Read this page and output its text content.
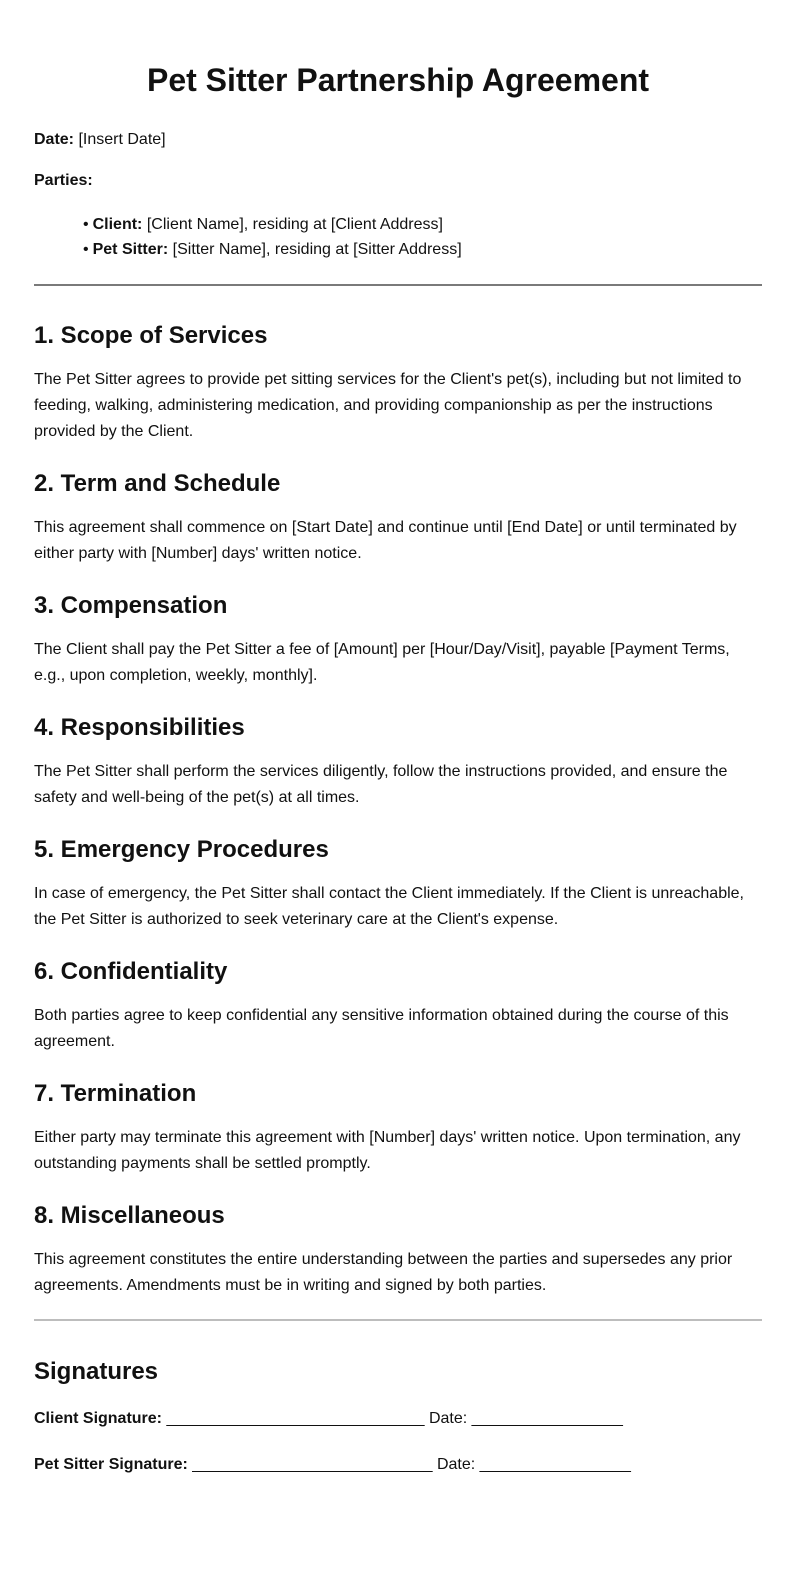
Pet Sitter Partnership Agreement

Date: [Insert Date]

Parties:

• Client: [Client Name], residing at [Client Address]
• Pet Sitter: [Sitter Name], residing at [Sitter Address]
1. Scope of Services

The Pet Sitter agrees to provide pet sitting services for the Client's pet(s), including but not limited to feeding, walking, administering medication, and providing companionship as per the instructions provided by the Client.

2. Term and Schedule

This agreement shall commence on [Start Date] and continue until [End Date] or until terminated by either party with [Number] days' written notice.

3. Compensation

The Client shall pay the Pet Sitter a fee of [Amount] per [Hour/Day/Visit], payable [Payment Terms, e.g., upon completion, weekly, monthly].

4. Responsibilities

The Pet Sitter shall perform the services diligently, follow the instructions provided, and ensure the safety and well-being of the pet(s) at all times.

5. Emergency Procedures

In case of emergency, the Pet Sitter shall contact the Client immediately. If the Client is unreachable, the Pet Sitter is authorized to seek veterinary care at the Client's expense.

6. Confidentiality

Both parties agree to keep confidential any sensitive information obtained during the course of this agreement.

7. Termination

Either party may terminate this agreement with [Number] days' written notice. Upon termination, any outstanding payments shall be settled promptly.

8. Miscellaneous

This agreement constitutes the entire understanding between the parties and supersedes any prior agreements. Amendments must be in writing and signed by both parties.

Signatures

Client Signature: _____________________________ Date: _________________

Pet Sitter Signature: ___________________________ Date: _________________
